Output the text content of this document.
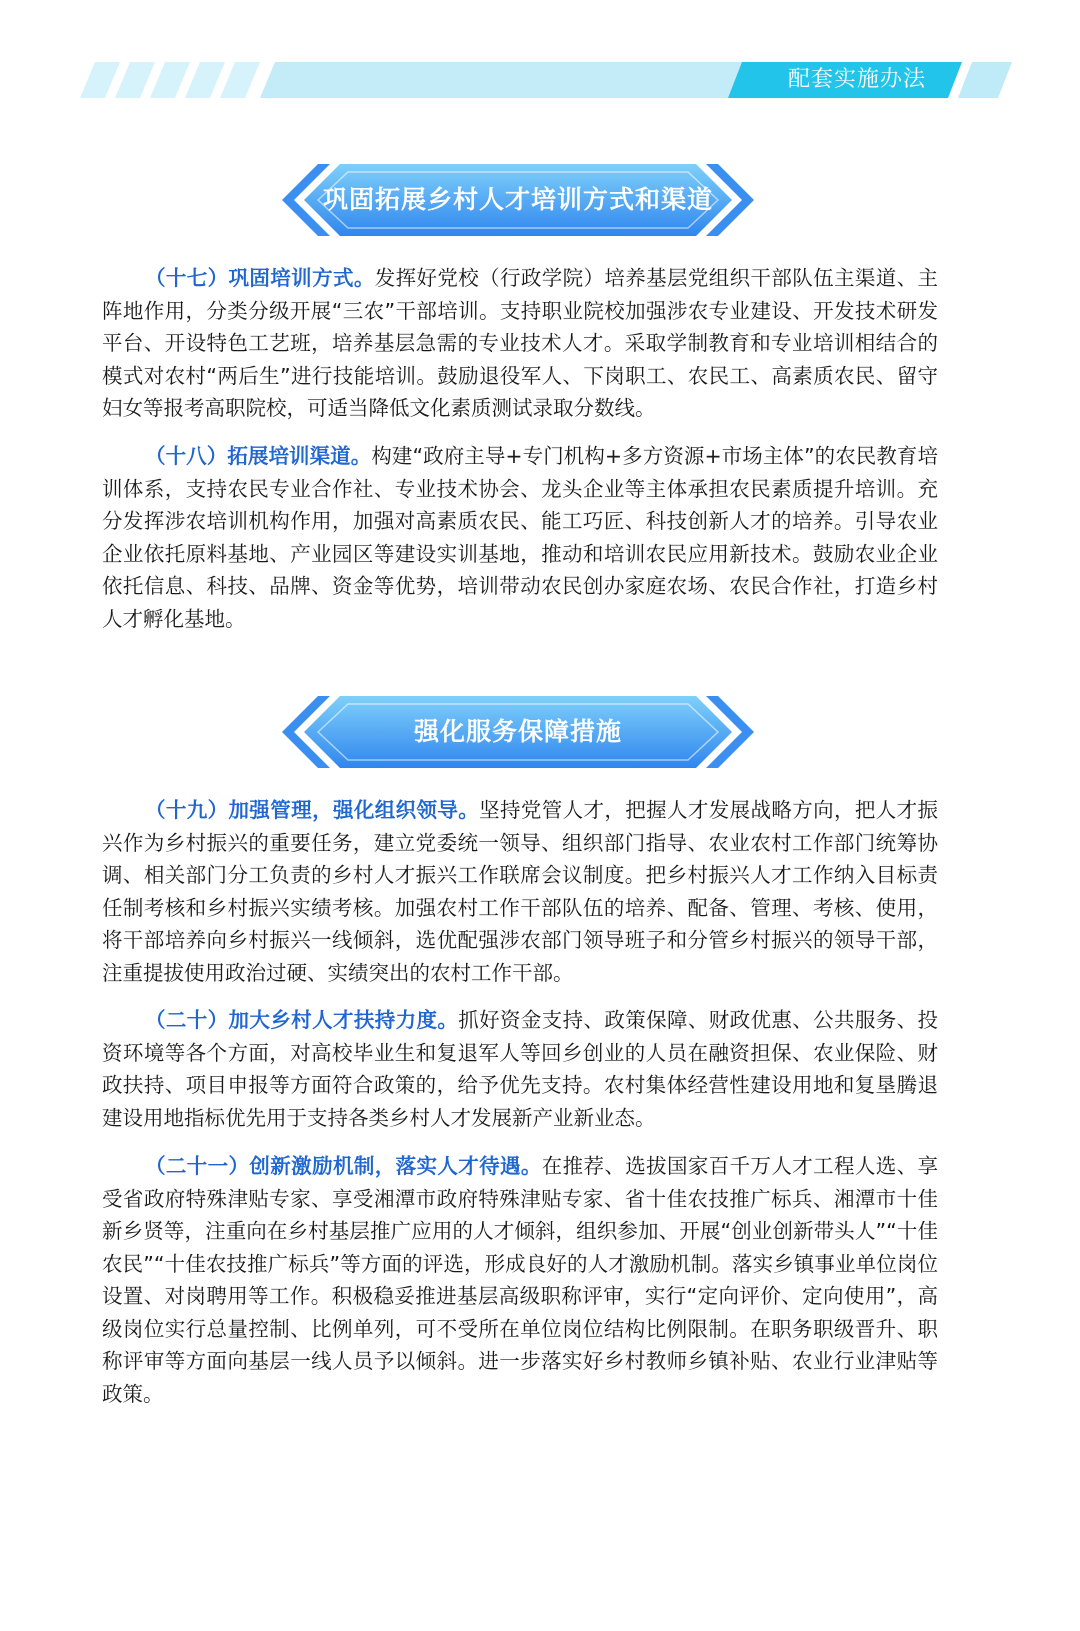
配套实施办法
巩固拓展乡村人才培训方式和渠道

（十七）巩固培训方式。发挥好党校（行政学院）培养基层党组织干部队伍主渠道、主阵地作用，分类分级开展“三农”干部培训。支持职业院校加强涉农专业建设、开发技术研发平台、开设特色工艺班，培养基层急需的专业技术人才。采取学制教育和专业培训相结合的模式对农村“两后生”进行技能培训。鼓励退役军人、下岗职工、农民工、高素质农民、留守妇女等报考高职院校，可适当降低文化素质测试录取分数线。

（十八）拓展培训渠道。构建“政府主导+专门机构+多方资源+市场主体”的农民教育培训体系，支持农民专业合作社、专业技术协会、龙头企业等主体承担农民素质提升培训。充分发挥涉农培训机构作用，加强对高素质农民、能工巧匠、科技创新人才的培养。引导农业企业依托原料基地、产业园区等建设实训基地，推动和培训农民应用新技术。鼓励农业企业依托信息、科技、品牌、资金等优势，培训带动农民创办家庭农场、农民合作社，打造乡村人才孵化基地。

强化服务保障措施

（十九）加强管理，强化组织领导。坚持党管人才，把握人才发展战略方向，把人才振兴作为乡村振兴的重要任务，建立党委统一领导、组织部门指导、农业农村工作部门统筹协调、相关部门分工负责的乡村人才振兴工作联席会议制度。把乡村振兴人才工作纳入目标责任制考核和乡村振兴实绩考核。加强农村工作干部队伍的培养、配备、管理、考核、使用，将干部培养向乡村振兴一线倾斜，选优配强涉农部门领导班子和分管乡村振兴的领导干部，注重提拔使用政治过硬、实绩突出的农村工作干部。

（二十）加大乡村人才扶持力度。抓好资金支持、政策保障、财政优惠、公共服务、投资环境等各个方面，对高校毕业生和复退军人等回乡创业的人员在融资担保、农业保险、财政扶持、项目申报等方面符合政策的，给予优先支持。农村集体经营性建设用地和复垦腾退建设用地指标优先用于支持各类乡村人才发展新产业新业态。

（二十一）创新激励机制，落实人才待遇。在推荐、选拔国家百千万人才工程人选、享受省政府特殊津贴专家、享受湘潭市政府特殊津贴专家、省十佳农技推广标兵、湘潭市十佳新乡贤等，注重向在乡村基层推广应用的人才倾斜，组织参加、开展“创业创新带头人”“十佳农民”“十佳农技推广标兵”等方面的评选，形成良好的人才激励机制。落实乡镇事业单位岗位设置、对岗聘用等工作。积极稳妥推进基层高级职称评审，实行“定向评价、定向使用”，高级岗位实行总量控制、比例单列，可不受所在单位岗位结构比例限制。在职务职级晋升、职称评审等方面向基层一线人员予以倾斜。进一步落实好乡村教师乡镇补贴、农业行业津贴等政策。
